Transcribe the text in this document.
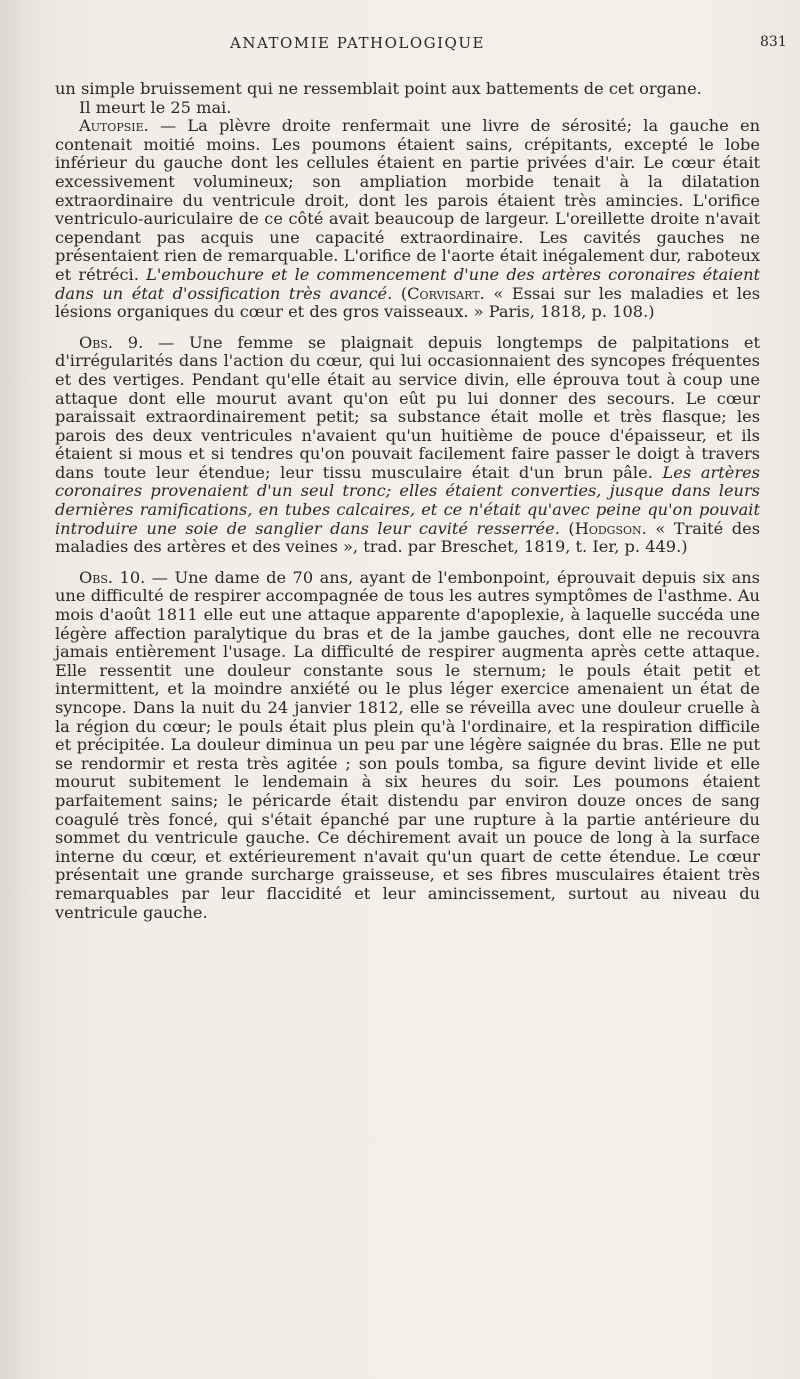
ANATOMIE PATHOLOGIQUE	831

un simple bruissement qui ne ressemblait point aux battements de cet organe.

Il meurt le 25 mai.

Autopsie. — La plèvre droite renfermait une livre de sérosité; la gauche en contenait moitié moins. Les poumons étaient sains, crépitants, excepté le lobe inférieur du gauche dont les cellules étaient en partie privées d'air. Le cœur était excessivement volumineux; son ampliation morbide tenait à la dilatation extraordinaire du ventricule droit, dont les parois étaient très amincies. L'orifice ventriculo-auriculaire de ce côté avait beaucoup de largeur. L'oreillette droite n'avait cependant pas acquis une capacité extraordinaire. Les cavités gauches ne présentaient rien de remarquable. L'orifice de l'aorte était inégalement dur, raboteux et rétréci. L'embouchure et le commencement d'une des artères coronaires étaient dans un état d'ossification très avancé. (Corvisart. « Essai sur les maladies et les lésions organiques du cœur et des gros vaisseaux. » Paris, 1818, p. 108.)

Obs. 9. — Une femme se plaignait depuis longtemps de palpitations et d'irrégularités dans l'action du cœur, qui lui occasionnaient des syncopes fréquentes et des vertiges. Pendant qu'elle était au service divin, elle éprouva tout à coup une attaque dont elle mourut avant qu'on eût pu lui donner des secours. Le cœur paraissait extraordinairement petit; sa substance était molle et très flasque; les parois des deux ventricules n'avaient qu'un huitième de pouce d'épaisseur, et ils étaient si mous et si tendres qu'on pouvait facilement faire passer le doigt à travers dans toute leur étendue; leur tissu musculaire était d'un brun pâle. Les artères coronaires provenaient d'un seul tronc; elles étaient converties, jusque dans leurs dernières ramifications, en tubes calcaires, et ce n'était qu'avec peine qu'on pouvait introduire une soie de sanglier dans leur cavité resserrée. (Hodgson. « Traité des maladies des artères et des veines », trad. par Breschet, 1819, t. Ier, p. 449.)

Obs. 10. — Une dame de 70 ans, ayant de l'embonpoint, éprouvait depuis six ans une difficulté de respirer accompagnée de tous les autres symptômes de l'asthme. Au mois d'août 1811 elle eut une attaque apparente d'apoplexie, à laquelle succéda une légère affection paralytique du bras et de la jambe gauches, dont elle ne recouvra jamais entièrement l'usage. La difficulté de respirer augmenta après cette attaque. Elle ressentit une douleur constante sous le sternum; le pouls était petit et intermittent, et la moindre anxiété ou le plus léger exercice amenaient un état de syncope. Dans la nuit du 24 janvier 1812, elle se réveilla avec une douleur cruelle à la région du cœur; le pouls était plus plein qu'à l'ordinaire, et la respiration difficile et précipitée. La douleur diminua un peu par une légère saignée du bras. Elle ne put se rendormir et resta très agitée ; son pouls tomba, sa figure devint livide et elle mourut subitement le lendemain à six heures du soir. Les poumons étaient parfaitement sains; le péricarde était distendu par environ douze onces de sang coagulé très foncé, qui s'était épanché par une rupture à la partie antérieure du sommet du ventricule gauche. Ce déchirement avait un pouce de long à la surface interne du cœur, et extérieurement n'avait qu'un quart de cette étendue. Le cœur présentait une grande surcharge graisseuse, et ses fibres musculaires étaient très remarquables par leur flaccidité et leur amincissement, surtout au niveau du ventricule gauche.
